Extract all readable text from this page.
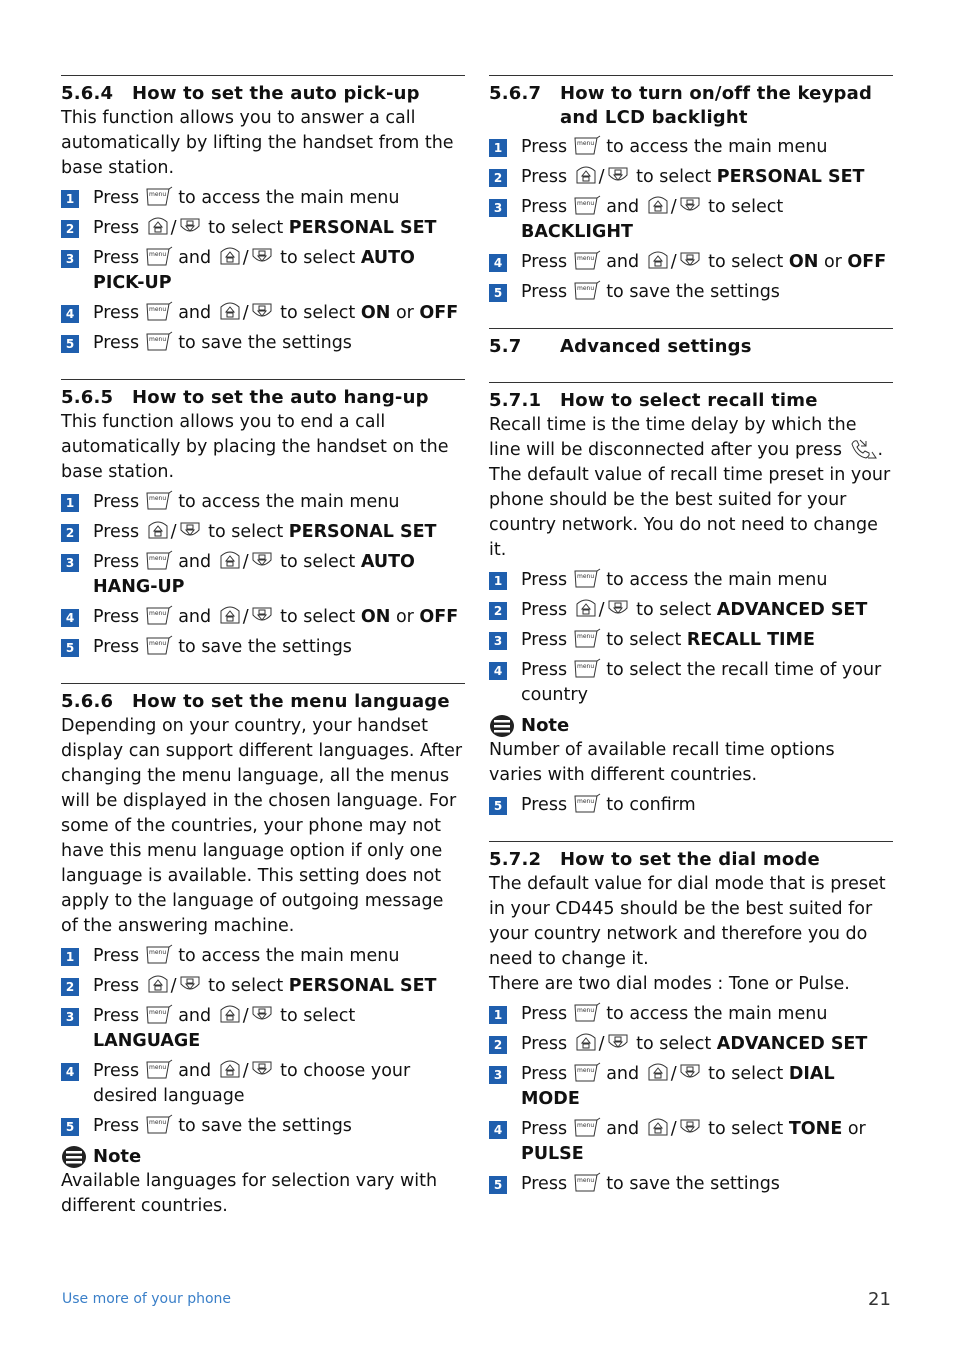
5.6.4	How to set the auto pick-up
This function allows you to answer a call automatically by lifting the handset from the base station.
1 Press menu to access the main menu
2 Press
/
to select PERSONAL SET
3 Press menu and
/
to select AUTO PICK-UP
4 Press menu and
/
to select ON or OFF
5 Press menu to save the settings
5.6.5	How to set the auto hang-up
This function allows you to end a call automatically by placing the handset on the base station.
1 Press menu to access the main menu
2 Press
/
to select PERSONAL SET
3 Press menu and
/
to select AUTO HANG-UP
4 Press menu and
/
to select ON or OFF
5 Press menu to save the settings
5.6.6	How to set the menu language
Depending on your country, your handset display can support different languages. After changing the menu language, all the menus will be displayed in the chosen language. For some of the countries, your phone may not have this menu language option if only one language is available. This setting does not apply to the language of outgoing message of the answering machine.
1 Press menu to access the main menu
2 Press
/
to select PERSONAL SET
3 Press menu and
/
to select LANGUAGE
4 Press menu and
/
to choose your desired language
5 Press menu to save the settings
Note
Available languages for selection vary with different countries.
5.6.7	How to turn on/off the keypad and LCD backlight
1 Press menu to access the main menu
2 Press
/
to select PERSONAL SET
3 Press menu and
/
to select BACKLIGHT
4 Press menu and
/
to select ON or OFF
5 Press menu to save the settings
5.7	Advanced settings
5.7.1	How to select recall time
Recall time is the time delay by which the line will be disconnected after you press
. The default value of recall time preset in your phone should be the best suited for your country network. You do not need to change it.
1 Press menu to access the main menu
2 Press
/
to select ADVANCED SET
3 Press menu to select RECALL TIME
4 Press menu to select the recall time of your country
Note
Number of available recall time options varies with different countries.
5 Press menu to confirm
5.7.2	How to set the dial mode
The default value for dial mode that is preset in your CD445 should be the best suited for your country network and therefore you do need to change it.
There are two dial modes : Tone or Pulse.
1 Press menu to access the main menu
2 Press
/
to select ADVANCED SET
3 Press menu and
/
to select DIAL MODE
4 Press menu and
/
to select TONE or PULSE
5 Press menu to save the settings
Use more of your phone	21
